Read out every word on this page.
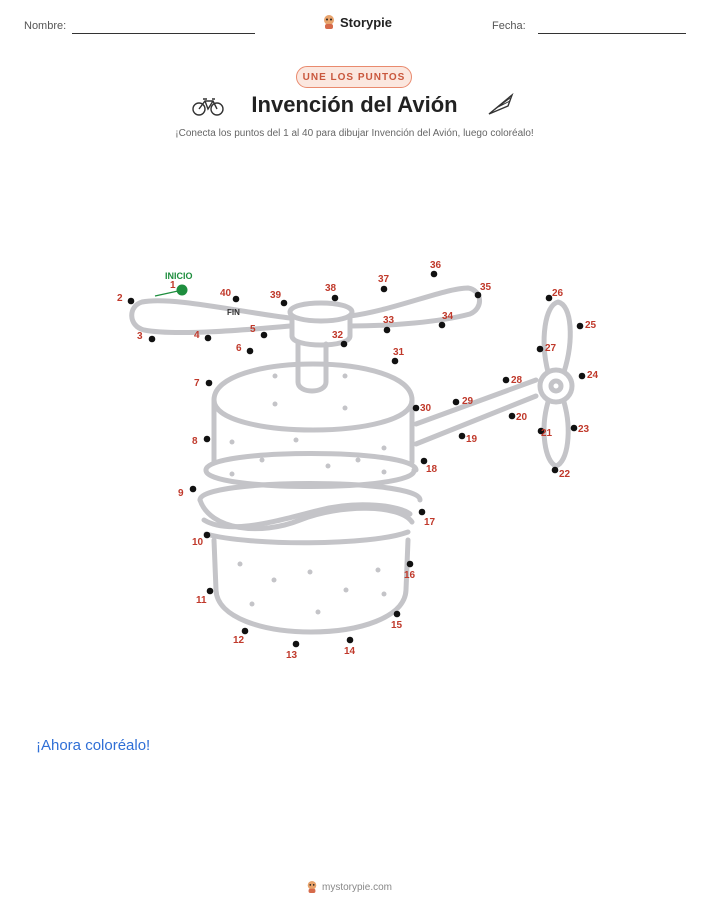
Nombre:	Storypie	Fecha:
UNE LOS PUNTOS
Invención del Avión
¡Conecta los puntos del 1 al 40 para dibujar Invención del Avión, luego coloréalo!
1
2
3	4
5
6
7
8
9
10
11
12
13	14
15
16
17
18
19
20
21
22
23
24
25
26
27
28
29
30
31
32
33	34
35
36
37
38
39
40
INICIO
FIN
¡Ahora coloréalo!
mystorypie.com
